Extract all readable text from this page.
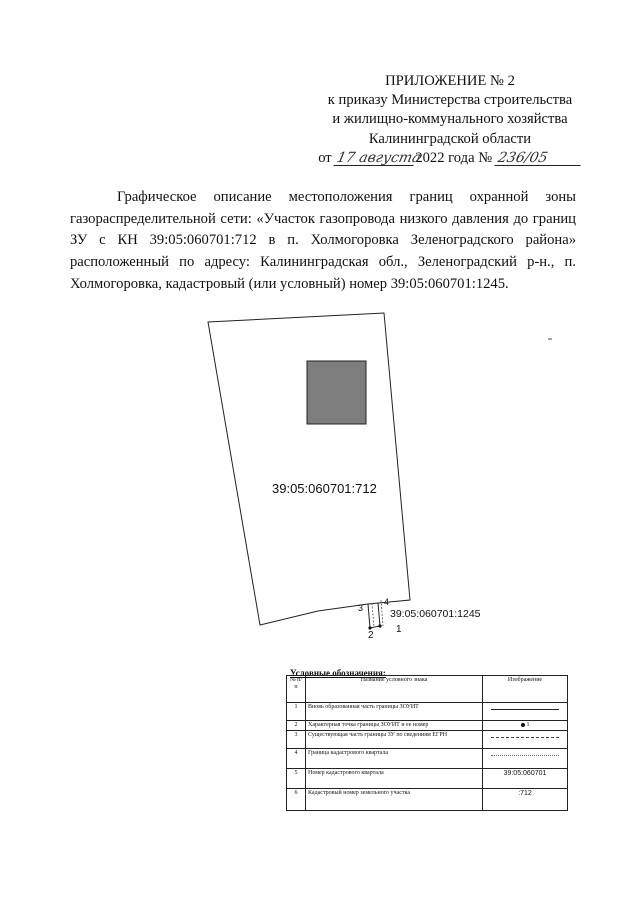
ПРИЛОЖЕНИЕ № 2
к приказу Министерства строительства
и жилищно-коммунального хозяйства
Калининградской области
от 17 августа2022 года № 236/05
Графическое описание местоположения границ охранной зоны газораспределительной сети: «Участок газопровода низкого давления до границ ЗУ с КН 39:05:060701:712 в п. Холмогоровка Зеленоградского района» расположенный по адресу: Калининградская обл., Зеленоградский р-н., п. Холмогоровка, кадастровый (или условный) номер 39:05:060701:1245.
39:05:060701:712
39:05:060701:1245
1
2
3
4
Условные обозначения:
№ п/п	Название условного знака	Изображение
1	Вновь образованная часть границы ЗОУИТ	
2	Характерная точка границы ЗОУИТ и ее номер	1
3	Существующая часть границы ЗУ по сведениям ЕГРН	
4	Граница кадастрового квартала	
5	Номер кадастрового квартала	39:05:060701
6	Кадастровый номер земельного участка	:712
